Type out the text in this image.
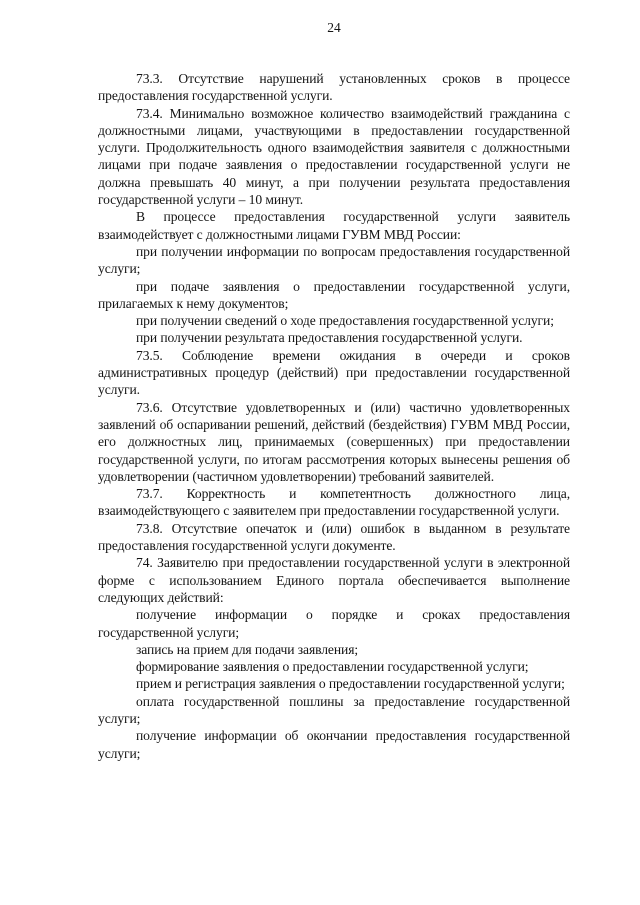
24

73.3. Отсутствие нарушений установленных сроков в процессе предоставления государственной услуги.

73.4. Минимально возможное количество взаимодействий гражданина с должностными лицами, участвующими в предоставлении государственной услуги. Продолжительность одного взаимодействия заявителя с должностными лицами при подаче заявления о предоставлении государственной услуги не должна превышать 40 минут, а при получении результата предоставления государственной услуги – 10 минут.

В процессе предоставления государственной услуги заявитель взаимодействует с должностными лицами ГУВМ МВД России:

при получении информации по вопросам предоставления государственной услуги;

при подаче заявления о предоставлении государственной услуги, прилагаемых к нему документов;

при получении сведений о ходе предоставления государственной услуги;

при получении результата предоставления государственной услуги.

73.5. Соблюдение времени ожидания в очереди и сроков административных процедур (действий) при предоставлении государственной услуги.

73.6. Отсутствие удовлетворенных и (или) частично удовлетворенных заявлений об оспаривании решений, действий (бездействия) ГУВМ МВД России, его должностных лиц, принимаемых (совершенных) при предоставлении государственной услуги, по итогам рассмотрения которых вынесены решения об удовлетворении (частичном удовлетворении) требований заявителей.

73.7. Корректность и компетентность должностного лица, взаимодействующего с заявителем при предоставлении государственной услуги.

73.8. Отсутствие опечаток и (или) ошибок в выданном в результате предоставления государственной услуги документе.

74. Заявителю при предоставлении государственной услуги в электронной форме с использованием Единого портала обеспечивается выполнение следующих действий:

получение информации о порядке и сроках предоставления государственной услуги;

запись на прием для подачи заявления;

формирование заявления о предоставлении государственной услуги;

прием и регистрация заявления о предоставлении государственной услуги;

оплата государственной пошлины за предоставление государственной услуги;

получение информации об окончании предоставления государственной услуги;
